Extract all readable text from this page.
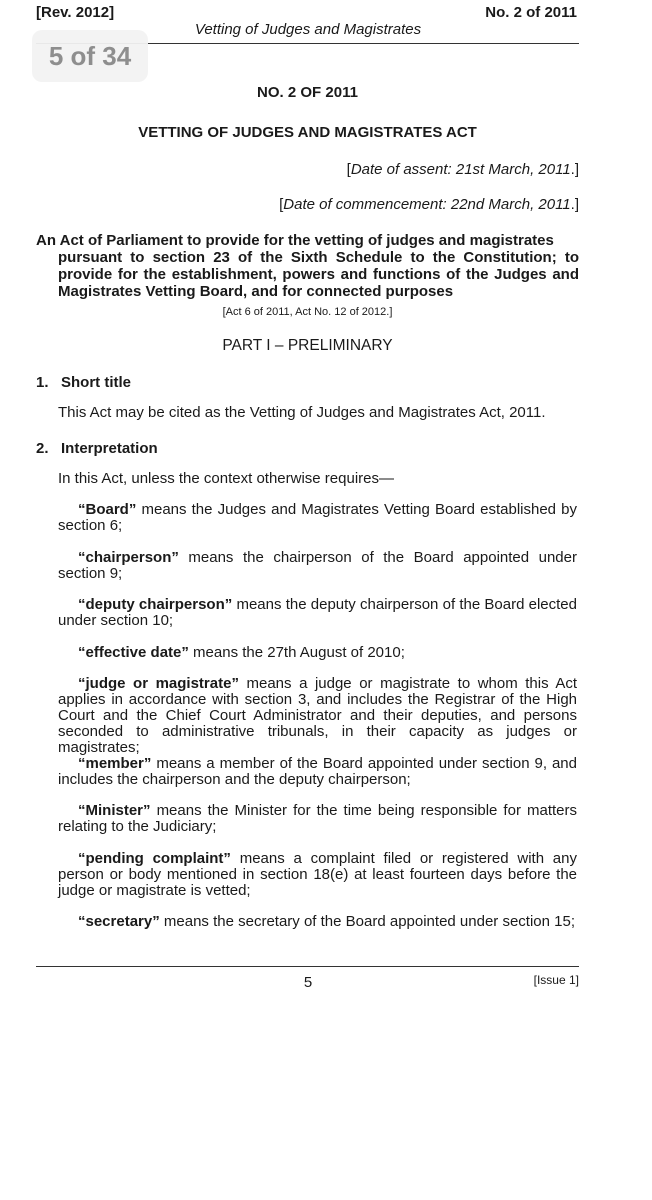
[Rev. 2012]	No. 2 of 2011
Vetting of Judges and Magistrates
5 of 34
NO. 2 OF 2011
VETTING OF JUDGES AND MAGISTRATES ACT
[Date of assent: 21st March, 2011.]
[Date of commencement: 22nd March, 2011.]
An Act of Parliament to provide for the vetting of judges and magistrates
pursuant to section 23 of the Sixth Schedule to the Constitution; to provide for the establishment, powers and functions of the Judges and Magistrates Vetting Board, and for connected purposes
[Act 6 of 2011, Act No. 12 of 2012.]
PART I – PRELIMINARY
1. Short title
This Act may be cited as the Vetting of Judges and Magistrates Act, 2011.
2. Interpretation
In this Act, unless the context otherwise requires—
“Board” means the Judges and Magistrates Vetting Board established by section 6;
“chairperson” means the chairperson of the Board appointed under section 9;
“deputy chairperson” means the deputy chairperson of the Board elected under section 10;
“effective date” means the 27th August of 2010;
“judge or magistrate” means a judge or magistrate to whom this Act applies in accordance with section 3, and includes the Registrar of the High Court and the Chief Court Administrator and their deputies, and persons seconded to administrative tribunals, in their capacity as judges or magistrates;
“member” means a member of the Board appointed under section 9, and includes the chairperson and the deputy chairperson;
“Minister” means the Minister for the time being responsible for matters relating to the Judiciary;
“pending complaint” means a complaint filed or registered with any person or body mentioned in section 18(e) at least fourteen days before the judge or magistrate is vetted;
“secretary” means the secretary of the Board appointed under section 15;
5	[Issue 1]
